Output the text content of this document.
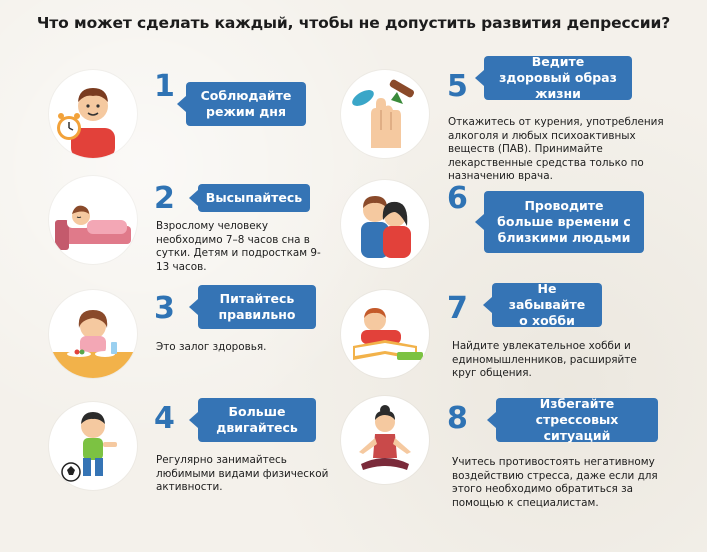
Что может сделать каждый, чтобы не допустить развития депрессии?
1	Соблюдайте режим дня
2	Высыпайтесь
Взрослому человеку необходимо 7–8 часов сна в сутки. Детям и подросткам 9-13 часов.
3	Питайтесь правильно
Это залог здоровья.
4	Больше двигайтесь
Регулярно занимайтесь любимыми видами физической активности.
5
Ведите здоровый образ жизни
Откажитесь от курения, употребления алкоголя и любых психоактивных веществ (ПАВ). Принимайте лекарственные средства только по назначению врача.
6	Проводите больше времени с близкими людьми
7
Не забывайте о хобби
Найдите увлекательное хобби и единомышленников, расширяйте круг общения.
8	Избегайте стрессовых ситуаций
Учитесь противостоять негативному воздействию стресса, даже если для этого необходимо обратиться за помощью к специалистам.
